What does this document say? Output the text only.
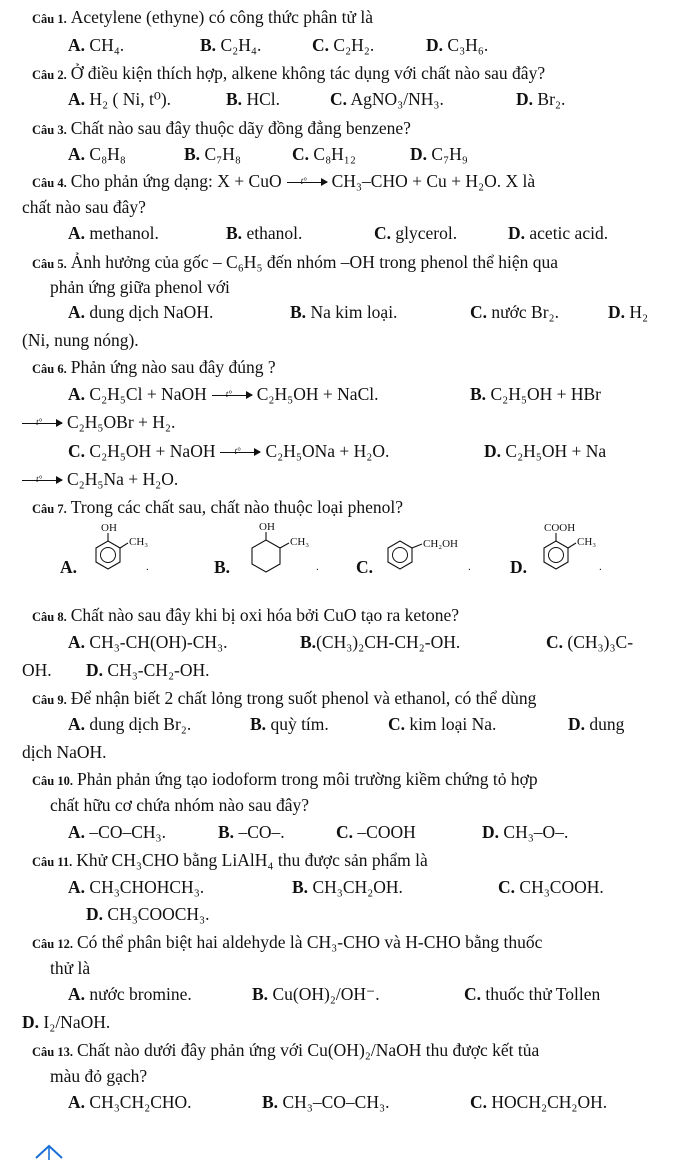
Câu 1. Acetylene (ethyne) có công thức phân tử là
A. CH₄.	B. C₂H₄.	C. C₂H₂.	D. C₃H₆.
Câu 2. Ở điều kiện thích hợp, alkene không tác dụng với chất nào sau đây?
A. H₂ ( Ni, t⁰).	B. HCl.	C. AgNO₃/NH₃.	D. Br₂.
Câu 3. Chất nào sau đây thuộc dãy đồng đẳng benzene?
A. C₈H₈	B. C₇H₈	C. C₈H₁₂	D. C₇H₉
Câu 4. Cho phản ứng dạng: X + CuO t° CH₃–CHO + Cu + H₂O. X là
chất nào sau đây?
A. methanol.	B. ethanol.	C. glycerol.	D. acetic acid.
Câu 5. Ảnh hưởng của gốc – C₆H₅ đến nhóm –OH trong phenol thể hiện qua
phản ứng giữa phenol với
A. dung dịch NaOH.	B. Na kim loại.	C. nước Br₂.	D. H₂
(Ni, nung nóng).
Câu 6. Phản ứng nào sau đây đúng ?
A. C₂H₅Cl + NaOH t° C₂H₅OH + NaCl.	B. C₂H₅OH + HBr
t° C₂H₅OBr + H₂.
C. C₂H₅OH + NaOH t° C₂H₅ONa + H₂O.	D. C₂H₅OH + Na
t° C₂H₅Na + H₂O.
Câu 7. Trong các chất sau, chất nào thuộc loại phenol?
A.
OH
CH₃
.	B.
OH
CH₃
. C.
CH₂OH
. D.
COOH
CH₃
.
Câu 8. Chất nào sau đây khi bị oxi hóa bởi CuO tạo ra ketone?
A. CH₃-CH(OH)-CH₃.	B.(CH₃)₂CH-CH₂-OH.	C. (CH₃)₃C-
OH. D. CH₃-CH₂-OH.
Câu 9. Để nhận biết 2 chất lỏng trong suốt phenol và ethanol, có thể dùng
A. dung dịch Br₂.	B. quỳ tím.	C. kim loại Na.	D. dung
dịch NaOH.
Câu 10. Phản phản ứng tạo iodoform trong môi trường kiềm chứng tỏ hợp
chất hữu cơ chứa nhóm nào sau đây?
A. –CO–CH₃.	B. –CO–.	C. –COOH	D. CH₃–O–.
Câu 11. Khử CH₃CHO bằng LiAlH₄ thu được sản phẩm là
A. CH₃CHOHCH₃.	B. CH₃CH₂OH.	C. CH₃COOH.
D. CH₃COOCH₃.
Câu 12. Có thể phân biệt hai aldehyde là CH₃-CHO và H-CHO bằng thuốc
thử là
A. nước bromine.	B. Cu(OH)₂/OH⁻.	C. thuốc thử Tollen
D. I₂/NaOH.
Câu 13. Chất nào dưới đây phản ứng với Cu(OH)₂/NaOH thu được kết tủa
màu đỏ gạch?
A. CH₃CH₂CHO.	B. CH₃–CO–CH₃.	C. HOCH₂CH₂OH.
